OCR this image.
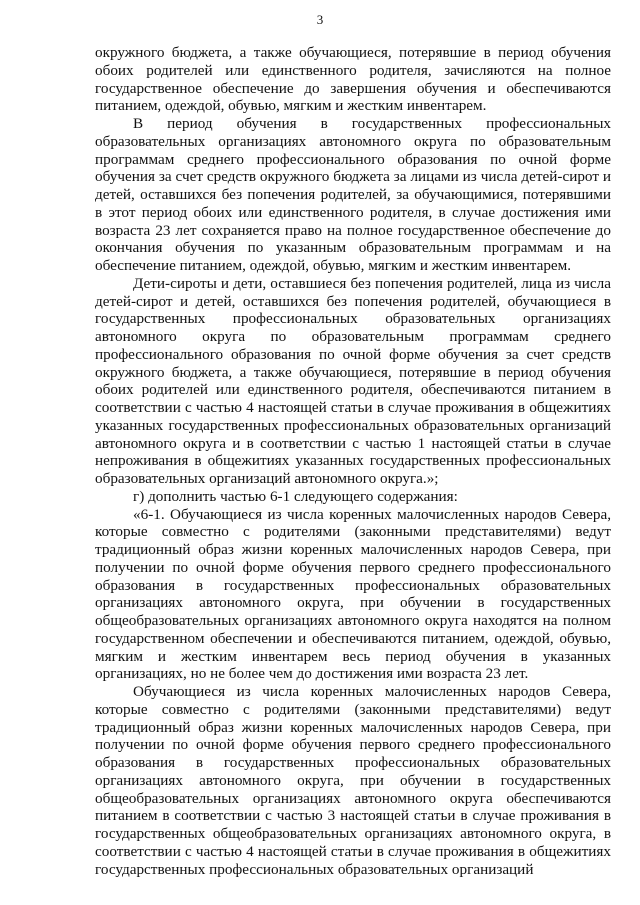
3

окружного бюджета, а также обучающиеся, потерявшие в период обучения обоих родителей или единственного родителя, зачисляются на полное государственное обеспечение до завершения обучения и обеспечиваются питанием, одеждой, обувью, мягким и жестким инвентарем.

В период обучения в государственных профессиональных образовательных организациях автономного округа по образовательным программам среднего профессионального образования по очной форме обучения за счет средств окружного бюджета за лицами из числа детей-сирот и детей, оставшихся без попечения родителей, за обучающимися, потерявшими в этот период обоих или единственного родителя, в случае достижения ими возраста 23 лет сохраняется право на полное государственное обеспечение до окончания обучения по указанным образовательным программам и на обеспечение питанием, одеждой, обувью, мягким и жестким инвентарем.

Дети-сироты и дети, оставшиеся без попечения родителей, лица из числа детей-сирот и детей, оставшихся без попечения родителей, обучающиеся в государственных профессиональных образовательных организациях автономного округа по образовательным программам среднего профессионального образования по очной форме обучения за счет средств окружного бюджета, а также обучающиеся, потерявшие в период обучения обоих родителей или единственного родителя, обеспечиваются питанием в соответствии с частью 4 настоящей статьи в случае проживания в общежитиях указанных государственных профессиональных образовательных организаций автономного округа и в соответствии с частью 1 настоящей статьи в случае непроживания в общежитиях указанных государственных профессиональных образовательных организаций автономного округа.»;

г) дополнить частью 6-1 следующего содержания:

«6-1. Обучающиеся из числа коренных малочисленных народов Севера, которые совместно с родителями (законными представителями) ведут традиционный образ жизни коренных малочисленных народов Севера, при получении по очной форме обучения первого среднего профессионального образования в государственных профессиональных образовательных организациях автономного округа, при обучении в государственных общеобразовательных организациях автономного округа находятся на полном государственном обеспечении и обеспечиваются питанием, одеждой, обувью, мягким и жестким инвентарем весь период обучения в указанных организациях, но не более чем до достижения ими возраста 23 лет.

Обучающиеся из числа коренных малочисленных народов Севера, которые совместно с родителями (законными представителями) ведут традиционный образ жизни коренных малочисленных народов Севера, при получении по очной форме обучения первого среднего профессионального образования в государственных профессиональных образовательных организациях автономного округа, при обучении в государственных общеобразовательных организациях автономного округа обеспечиваются питанием в соответствии с частью 3 настоящей статьи в случае проживания в государственных общеобразовательных организациях автономного округа, в соответствии с частью 4 настоящей статьи в случае проживания в общежитиях государственных профессиональных образовательных организаций
